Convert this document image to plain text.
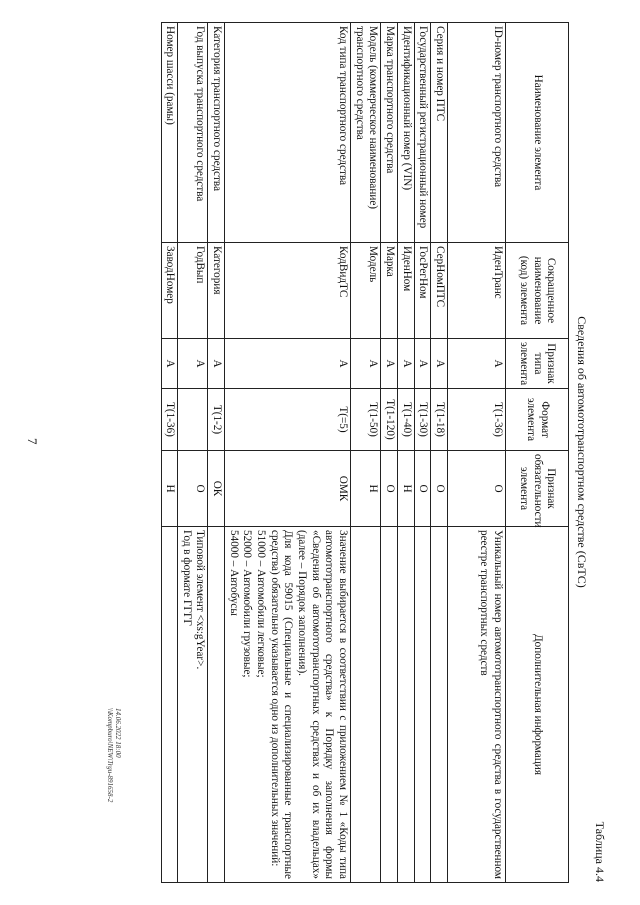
7
Таблица 4.4
Сведения об автомототранспортном средстве (СвТС)
Наименование элемента	Сокращенное наименование (код) элемента	Признак типа элемента	Формат элемента	Признак обязательности элемента	Дополнительная информация
ID-номер транспортного средства	ИденТранс	А	T(1-36)	О	Уникальный номер автомототранспортного средства в государственном реестре транспортных средств
Серия и номер ПТС	СерНомПТС	А	T(1-18)	О	
Государственный регистрационный номер	ГосРегНом	А	T(1-30)	О	
Идентификационный номер (VIN)	ИденНом	А	T(1-40)	Н	
Марка транспортного средства	Марка	А	T(1-120)	О	
Модель (коммерческое наименование) транспортного средства	Модель	А	T(1-50)	Н	
Код типа транспортного средства	КодВидТС	А	T(=5)	ОМК	Значение выбирается в соответствии с приложением № 1 «Коды типа автомототранспортного средства» к Порядку заполнения формы «Сведения об автомототранспортных средствах и об их владельцах» (далее – Порядок заполнения).
Для кода 59015 (Специальные и специализированные транспортные средства) обязательно указывается одно из дополнительных значений:
51000 – Автомобили легковые;
52000 – Автомобили грузовые;
54000 – Автобусы

Категория транспортного средства	Категория	А	T(1-2)	ОК	
Год выпуска транспортного средства	ГодВып	А		О	Типовой элемент <xs:gYear>.
Год в формате ГГГГ

Номер шасси (рамы)	ЗаводНомер	А	T(1-36)	Н	
14.06.2022 18:00
\\Kompburo\NEW\Trgu-891658-2
